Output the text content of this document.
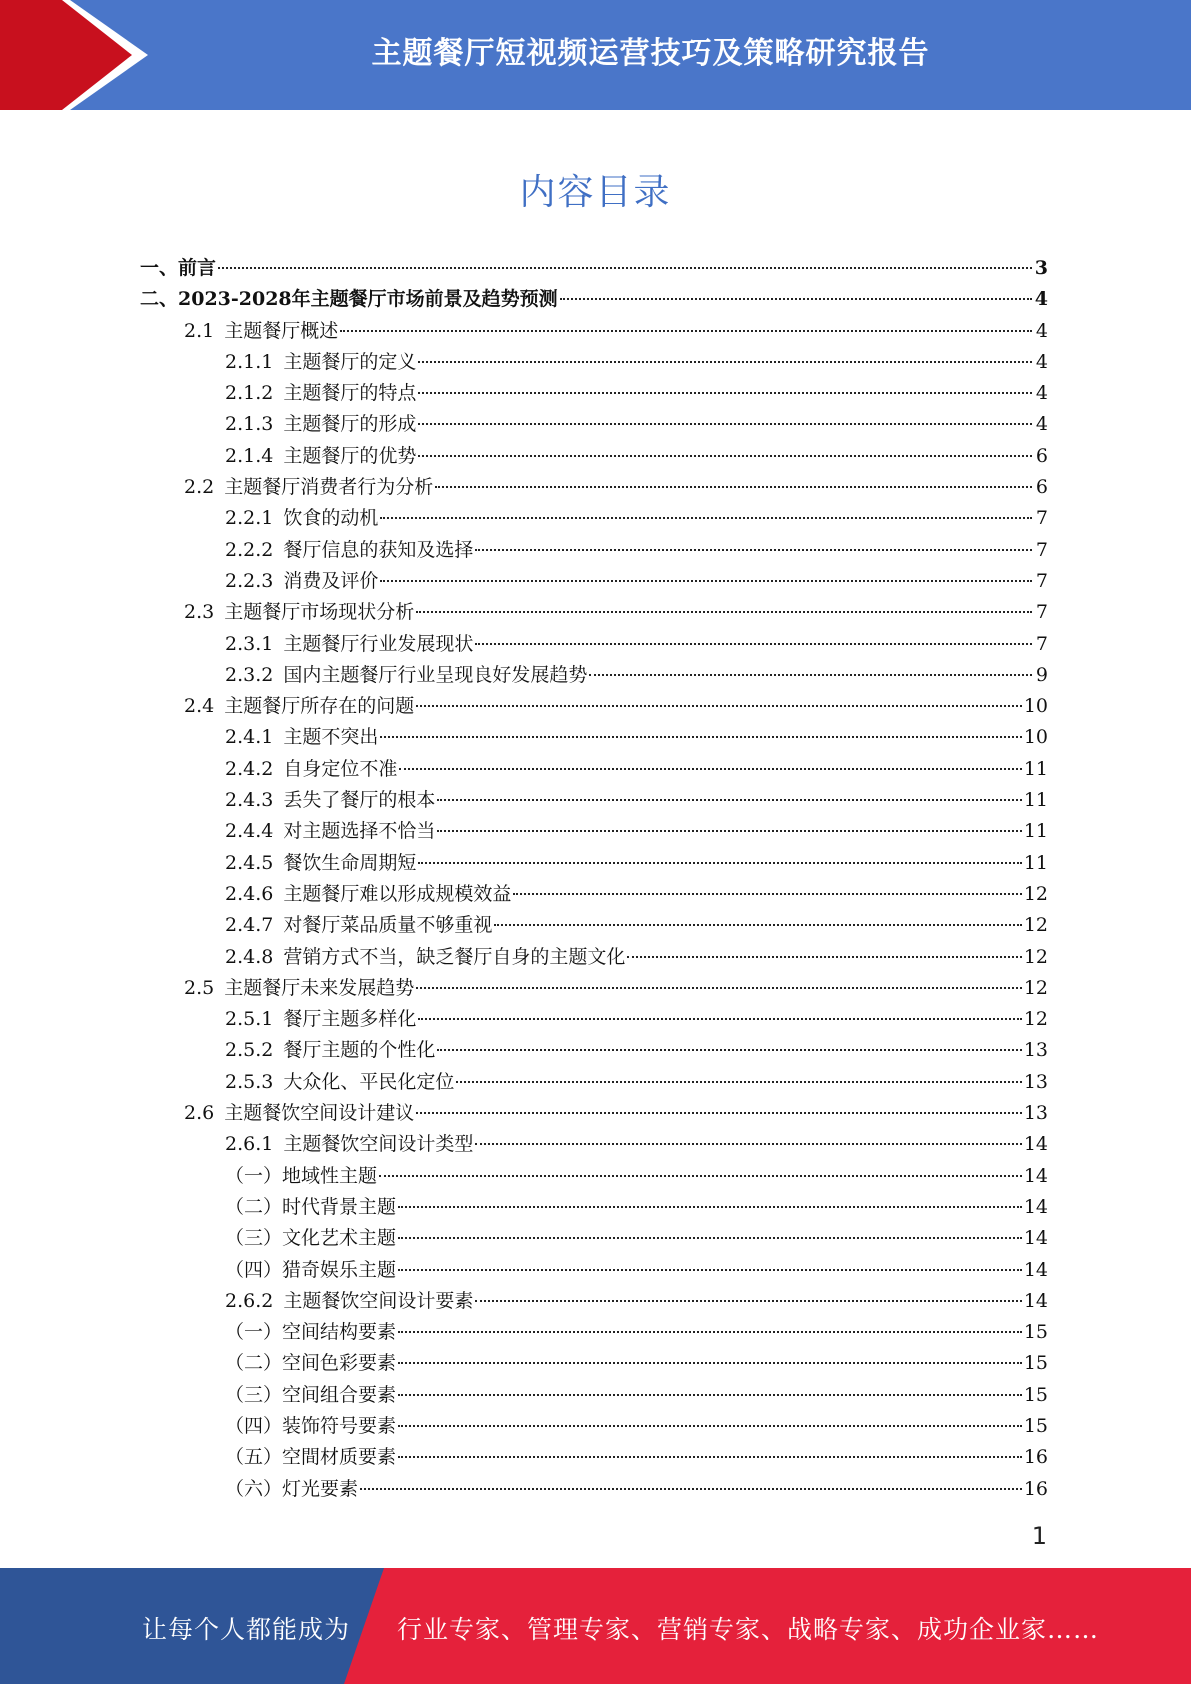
主题餐厅短视频运营技巧及策略研究报告
内容目录
一、前言	3
二、2023-2028年主题餐厅市场前景及趋势预测	4
2.1 主题餐厅概述	4
2.1.1 主题餐厅的定义	4
2.1.2 主题餐厅的特点	4
2.1.3 主题餐厅的形成	4
2.1.4 主题餐厅的优势	6
2.2 主题餐厅消费者行为分析	6
2.2.1 饮食的动机	7
2.2.2 餐厅信息的获知及选择	7
2.2.3 消费及评价	7
2.3 主题餐厅市场现状分析	7
2.3.1 主题餐厅行业发展现状	7
2.3.2 国内主题餐厅行业呈现良好发展趋势	9
2.4 主题餐厅所存在的问题	10
2.4.1 主题不突出	10
2.4.2 自身定位不准	11
2.4.3 丢失了餐厅的根本	11
2.4.4 对主题选择不恰当	11
2.4.5 餐饮生命周期短	11
2.4.6 主题餐厅难以形成规模效益	12
2.4.7 对餐厅菜品质量不够重视	12
2.4.8 营销方式不当，缺乏餐厅自身的主题文化	12
2.5 主题餐厅未来发展趋势	12
2.5.1 餐厅主题多样化	12
2.5.2 餐厅主题的个性化	13
2.5.3 大众化、平民化定位	13
2.6 主题餐饮空间设计建议	13
2.6.1 主题餐饮空间设计类型	14
（一）地域性主题	14
（二）时代背景主题	14
（三）文化艺术主题	14
（四）猎奇娱乐主题	14
2.6.2 主题餐饮空间设计要素	14
（一）空间结构要素	15
（二）空间色彩要素	15
（三）空间组合要素	15
（四）装饰符号要素	15
（五）空間材质要素	16
（六）灯光要素	16
1
让每个人都能成为 行业专家、管理专家、营销专家、战略专家、成功企业家……
